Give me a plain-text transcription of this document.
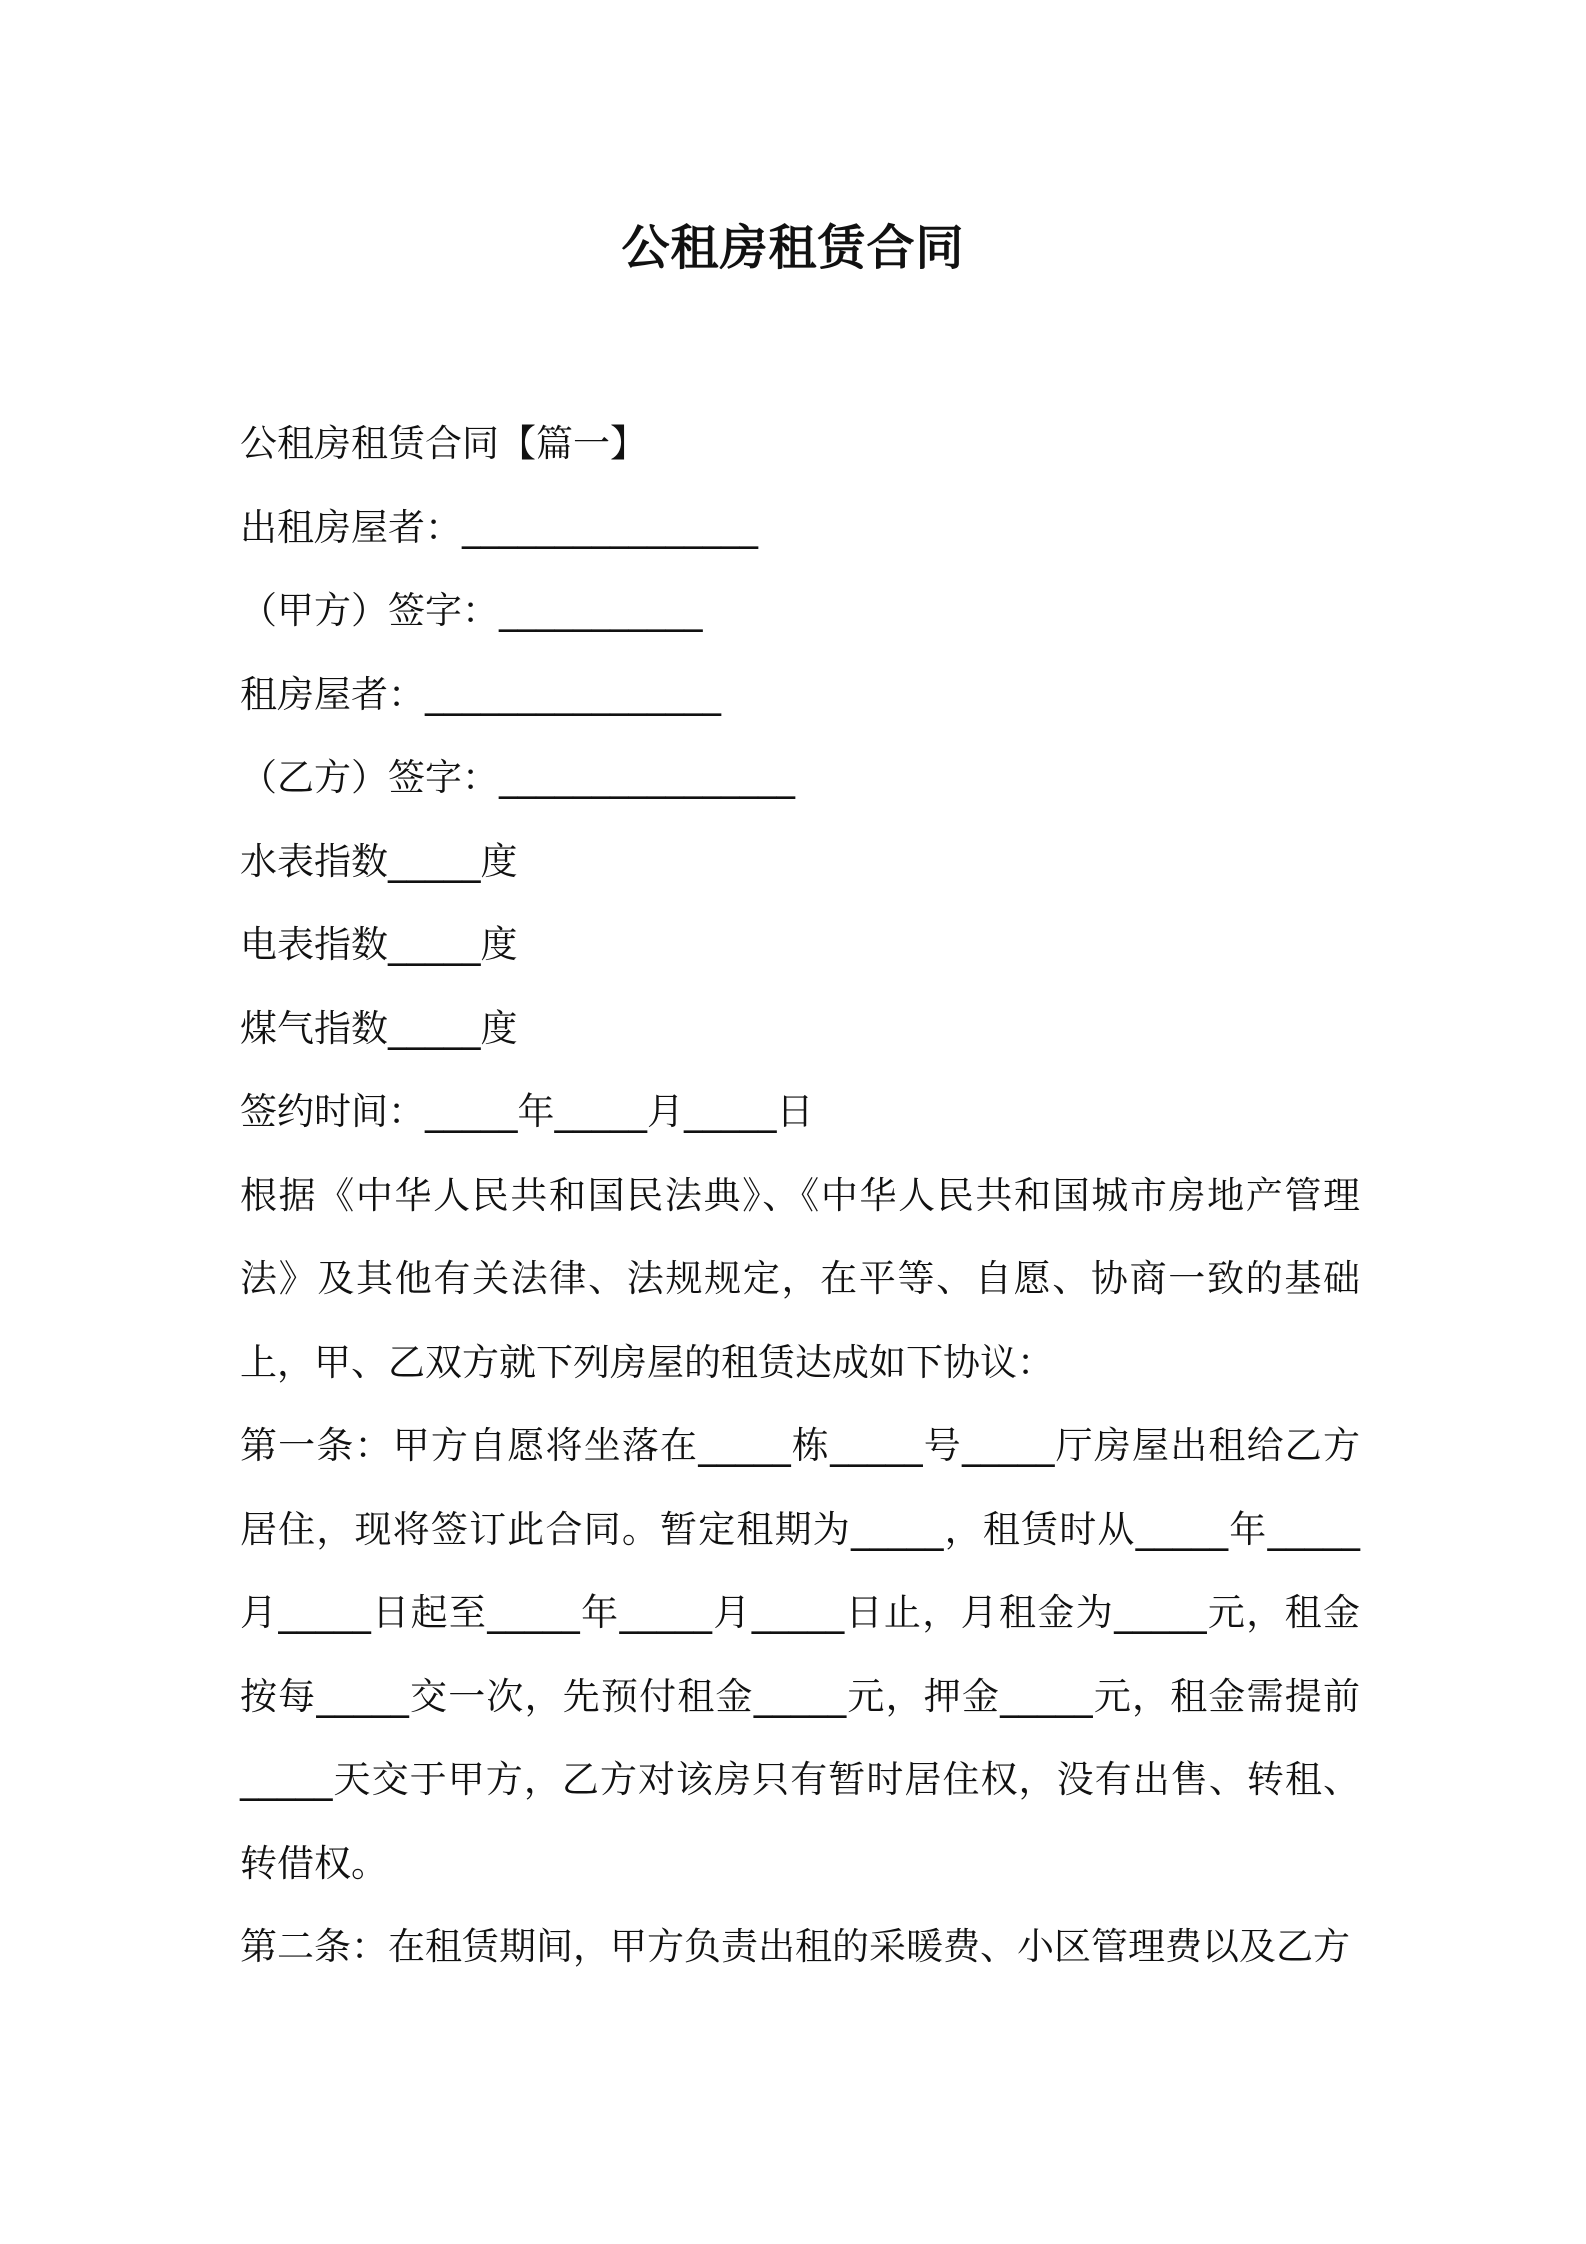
公租房租赁合同
公租房租赁合同【篇一】
出租房屋者：________________
（甲方）签字：___________
租房屋者：________________
（乙方）签字：________________
水表指数_____度
电表指数_____度
煤气指数_____度
签约时间：_____年_____月_____日
根据《中华人民共和国民法典》、《中华人民共和国城市房地产管理法》及其他有关法律、法规规定，在平等、自愿、协商一致的基础上，甲、乙双方就下列房屋的租赁达成如下协议：
第一条：甲方自愿将坐落在_____栋_____号_____厅房屋出租给乙方居住，现将签订此合同。暂定租期为_____，租赁时从_____年_____月_____日起至_____年_____月_____日止，月租金为_____元，租金按每_____交一次，先预付租金_____元，押金_____元，租金需提前_____天交于甲方，乙方对该房只有暂时居住权，没有出售、转租、转借权。
第二条：在租赁期间，甲方负责出租的采暖费、小区管理费以及乙方
